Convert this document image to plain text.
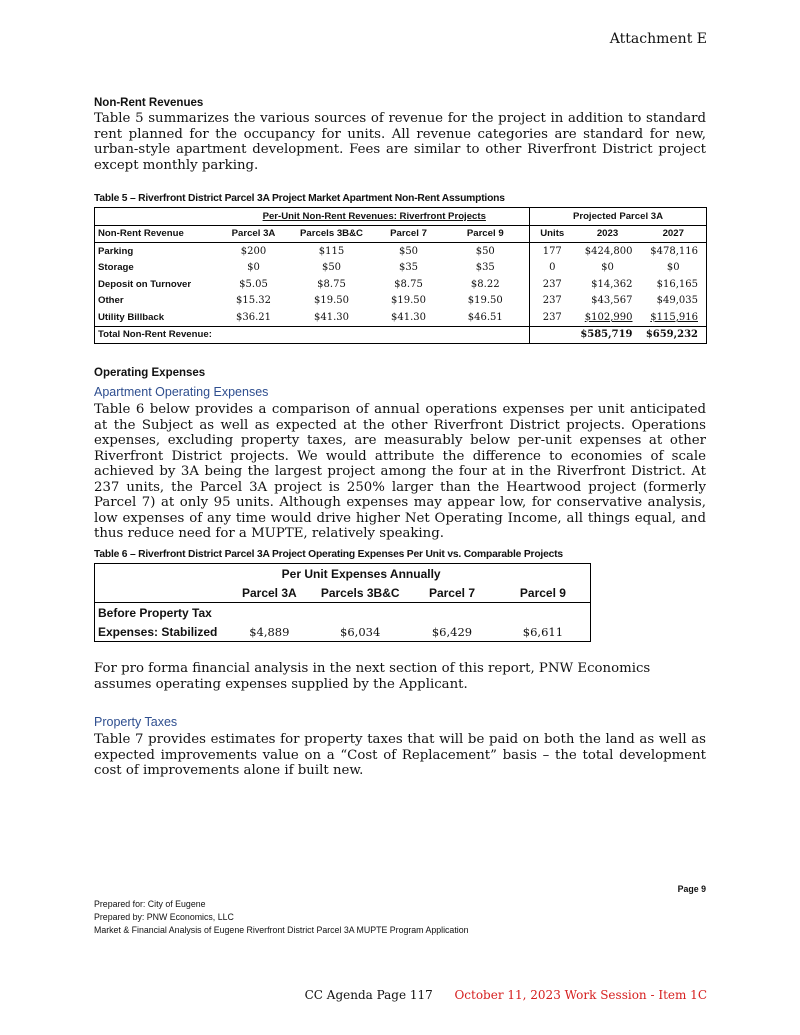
Attachment E
Non-Rent Revenues
Table 5 summarizes the various sources of revenue for the project in addition to standard rent planned for the occupancy for units. All revenue categories are standard for new, urban-style apartment development. Fees are similar to other Riverfront District project except monthly parking.
Table 5 – Riverfront District Parcel 3A Project Market Apartment Non-Rent Assumptions
	Per-Unit Non-Rent Revenues: Riverfront Projects				Projected Parcel 3A		
Non-Rent Revenue	Parcel 3A	Parcels 3B&C	Parcel 7	Parcel 9	Units	2023	2027
Parking	$200	$115	$50	$50	177	$424,800	$478,116
Storage	$0	$50	$35	$35	0	$0	$0
Deposit on Turnover	$5.05	$8.75	$8.75	$8.22	237	$14,362	$16,165
Other	$15.32	$19.50	$19.50	$19.50	237	$43,567	$49,035
Utility Billback	$36.21	$41.30	$41.30	$46.51	237	$102,990	$115,916
Total Non-Rent Revenue:						$585,719	$659,232
Operating Expenses
Apartment Operating Expenses
Table 6 below provides a comparison of annual operations expenses per unit anticipated at the Subject as well as expected at the other Riverfront District projects. Operations expenses, excluding property taxes, are measurably below per-unit expenses at other Riverfront District projects. We would attribute the difference to economies of scale achieved by 3A being the largest project among the four at in the Riverfront District. At 237 units, the Parcel 3A project is 250% larger than the Heartwood project (formerly Parcel 7) at only 95 units. Although expenses may appear low, for conservative analysis, low expenses of any time would drive higher Net Operating Income, all things equal, and thus reduce need for a MUPTE, relatively speaking.
Table 6 – Riverfront District Parcel 3A Project Operating Expenses Per Unit vs. Comparable Projects
	Per Unit Expenses Annually			
	Parcel 3A	Parcels 3B&C	Parcel 7	Parcel 9
Before Property Tax				
Expenses: Stabilized	$4,889	$6,034	$6,429	$6,611
For pro forma financial analysis in the next section of this report, PNW Economics assumes operating expenses supplied by the Applicant.
Property Taxes
Table 7 provides estimates for property taxes that will be paid on both the land as well as expected improvements value on a “Cost of Replacement” basis – the total development cost of improvements alone if built new.
Page 9
Prepared for: City of Eugene
Prepared by: PNW Economics, LLC
Market & Financial Analysis of Eugene Riverfront District Parcel 3A MUPTE Program Application
CC Agenda Page 117 October 11, 2023 Work Session - Item 1C
